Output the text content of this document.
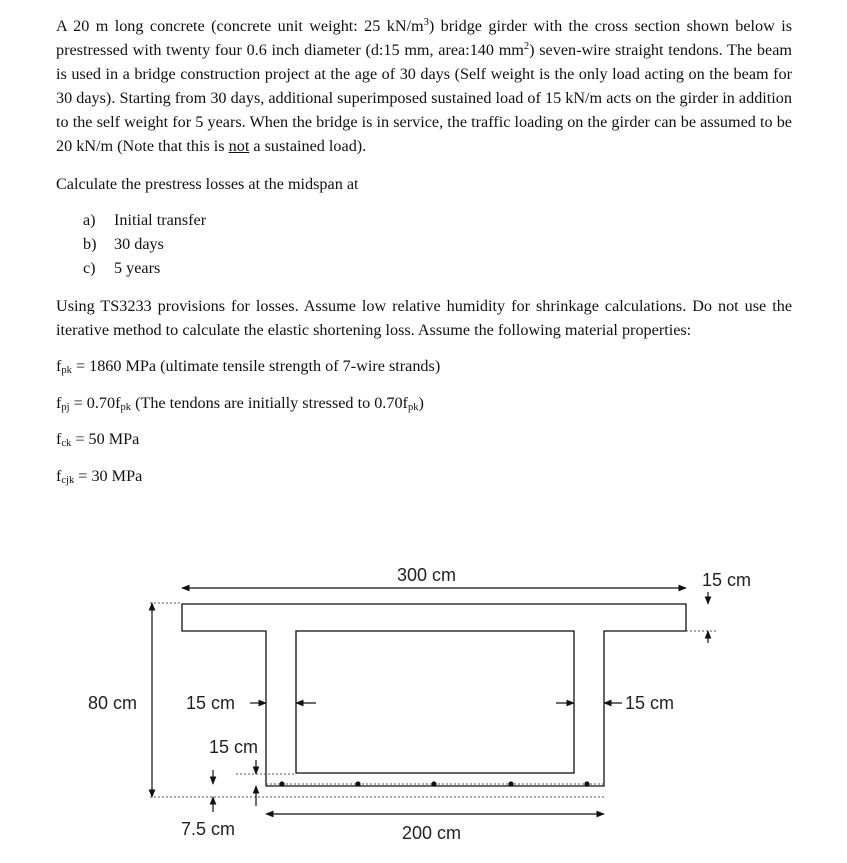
A 20 m long concrete (concrete unit weight: 25 $kN/m^3$) bridge girder with the cross section shown below is prestressed with twenty four 0.6 inch diameter (d:15 mm, area:140 $mm^2$) seven-wire straight tendons. The beam is used in a bridge construction project at the age of 30 days (Self weight is the only load acting on the beam for 30 days). Starting from 30 days, additional superimposed sustained load of 15 kN/m acts on the girder in addition to the self weight for 5 years. When the bridge is in service, the traffic loading on the girder can be assumed to be 20 kN/m (Note that this is not a sustained load).

Calculate the prestress losses at the midspan at

a) Initial transfer
b) 30 days
c) 5 years

Using TS3233 provisions for losses. Assume low relative humidity for shrinkage calculations. Do not use the iterative method to calculate the elastic shortening loss. Assume the following material properties:

$f_{pk} = 1860$ MPa (ultimate tensile strength of 7-wire strands)

$f_{pj} = 0.70f_{pk}$ (The tendons are initially stressed to $0.70f_{pk}$)

$f_{ck} = 50$ MPa

$f_{cjk} = 30$ MPa

300 cm	15 cm
80 cm	15 cm	15 cm
15 cm
7.5 cm	200 cm
